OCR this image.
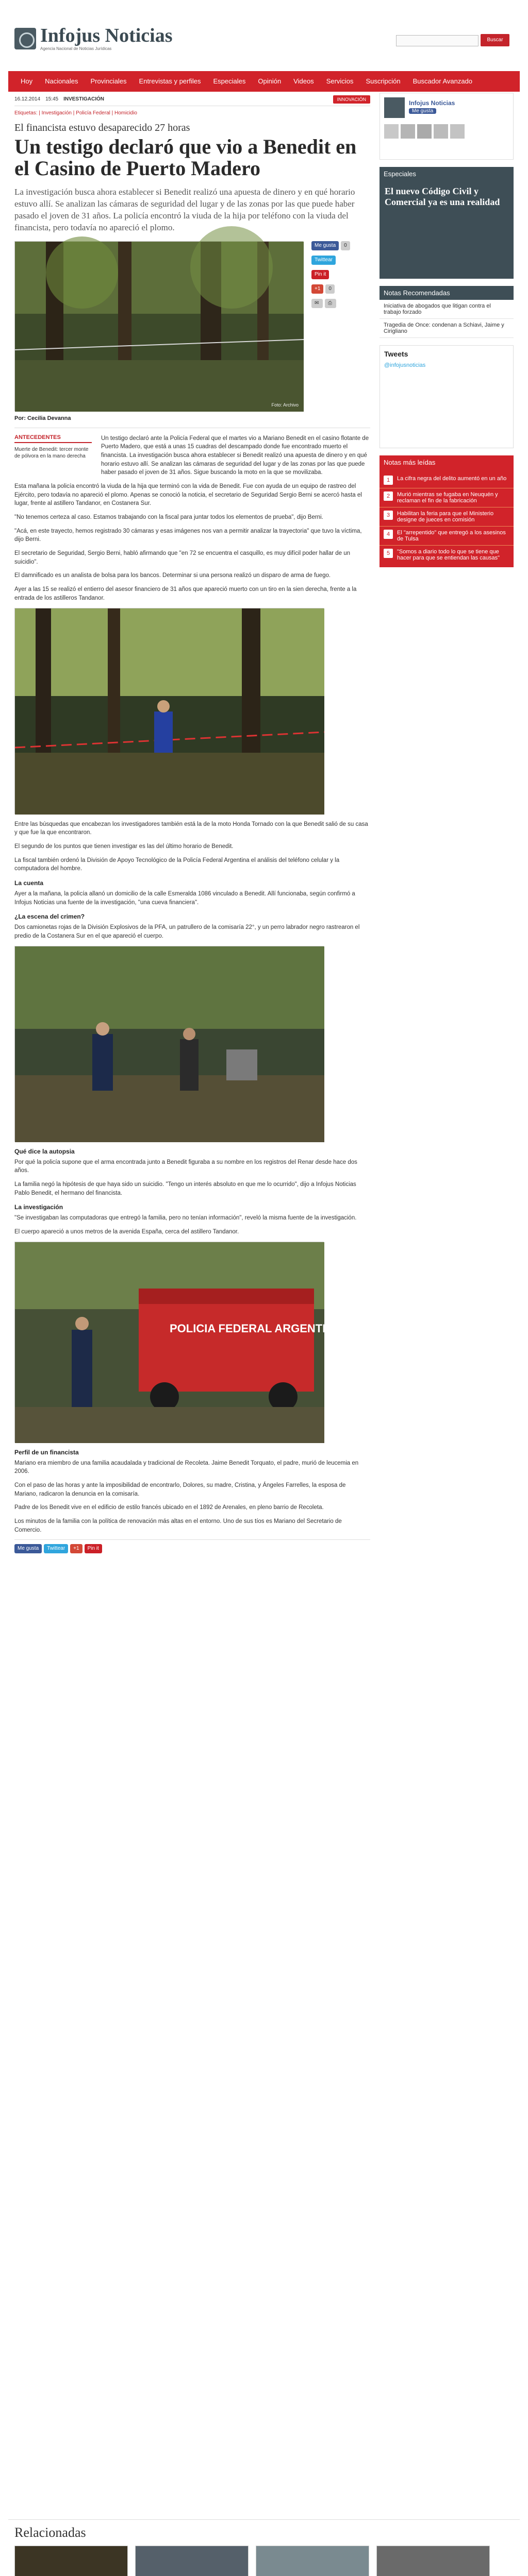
Infojus Noticias
Agencia Nacional de Noticias Jurídicas
Buscar
Hoy	Nacionales	Provinciales	Entrevistas y perfiles	Especiales	Opinión	Videos	Servicios	Suscripción	Buscador Avanzado
16.12.2014 15:45 INVESTIGACIÓN	INNOVACIÓN
Etiquetas: | Investigación | Policía Federal | Homicidio
El financista estuvo desaparecido 27 horas
Un testigo declaró que vio a Benedit en el Casino de Puerto Madero
La investigación busca ahora establecer si Benedit realizó una apuesta de dinero y en qué horario estuvo allí. Se analizan las cámaras de seguridad del lugar y de las zonas por las que puede haber pasado el joven de 31 años. La policía encontró la viuda de la hija por teléfono con la viuda del financista, pero todavía no apareció el plomo.
Foto: Archivo
Me gusta	0
Twittear
Pin it
+1	0
✉	⎙
Por: Cecilia Devanna
ANTECEDENTES
Muerte de Benedit: tercer monte de pólvora en la mano derecha

Un testigo declaró ante la Policía Federal que el martes vio a Mariano Benedit en el casino flotante de Puerto Madero, que está a unas 15 cuadras del descampado donde fue encontrado muerto el financista. La investigación busca ahora establecer si Benedit realizó una apuesta de dinero y en qué horario estuvo allí. Se analizan las cámaras de seguridad del lugar y de las zonas por las que puede haber pasado el joven de 31 años. Sigue buscando la moto en la que se movilizaba.

Esta mañana la policía encontró la viuda de la hija que terminó con la vida de Benedit. Fue con ayuda de un equipo de rastreo del Ejército, pero todavía no apareció el plomo. Apenas se conoció la noticia, el secretario de Seguridad Sergio Berni se acercó hasta el lugar, frente al astillero Tandanor, en Costanera Sur.

"No tenemos certeza al caso. Estamos trabajando con la fiscal para juntar todos los elementos de prueba", dijo Berni.

"Acá, en este trayecto, hemos registrado 30 cámaras y esas imágenes nos van a permitir analizar la trayectoria" que tuvo la víctima, dijo Berni.

El secretario de Seguridad, Sergio Berni, habló afirmando que "en 72 se encuentra el casquillo, es muy difícil poder hallar de un suicidio".

El damnificado es un analista de bolsa para los bancos. Determinar si una persona realizó un disparo de arma de fuego.

Ayer a las 15 se realizó el entierro del asesor financiero de 31 años que apareció muerto con un tiro en la sien derecha, frente a la entrada de los astilleros Tandanor.

Entre las búsquedas que encabezan los investigadores también está la de la moto Honda Tornado con la que Benedit salió de su casa y que fue la que encontraron.

El segundo de los puntos que tienen investigar es las del último horario de Benedit.

La fiscal también ordenó la División de Apoyo Tecnológico de la Policía Federal Argentina el análisis del teléfono celular y la computadora del hombre.

La cuenta

Ayer a la mañana, la policía allanó un domicilio de la calle Esmeralda 1086 vinculado a Benedit. Allí funcionaba, según confirmó a Infojus Noticias una fuente de la investigación, "una cueva financiera".

¿La escena del crimen?

Dos camionetas rojas de la División Explosivos de la PFA, un patrullero de la comisaría 22°, y un perro labrador negro rastrearon el predio de la Costanera Sur en el que apareció el cuerpo.

Qué dice la autopsia

Por qué la policía supone que el arma encontrada junto a Benedit figuraba a su nombre en los registros del Renar desde hace dos años.

La familia negó la hipótesis de que haya sido un suicidio. "Tengo un interés absoluto en que me lo ocurrido", dijo a Infojus Noticias Pablo Benedit, el hermano del financista.

La investigación

"Se investigaban las computadoras que entregó la familia, pero no tenían información", reveló la misma fuente de la investigación.

El cuerpo apareció a unos metros de la avenida España, cerca del astillero Tandanor.

POLICIA FEDERAL ARGENTINA
Perfil de un financista

Mariano era miembro de una familia acaudalada y tradicional de Recoleta. Jaime Benedit Torquato, el padre, murió de leucemia en 2006.

Con el paso de las horas y ante la imposibilidad de encontrarlo, Dolores, su madre, Cristina, y Ángeles Farrelles, la esposa de Mariano, radicaron la denuncia en la comisaría.

Padre de los Benedit vive en el edificio de estilo francés ubicado en el 1892 de Arenales, en pleno barrio de Recoleta.

Los minutos de la familia con la política de renovación más altas en el entorno. Uno de sus tíos es Mariano del Secretario de Comercio.

Me gusta	Twittear	+1	Pin it
Infojus Noticias
Me gusta
Especiales
El nuevo Código Civil y Comercial ya es una realidad
Notas Recomendadas
Iniciativa de abogados que litigan contra el trabajo forzado
Tragedia de Once: condenan a Schiavi, Jaime y Cirigliano
Tweets
@infojusnoticias
Notas más leídas
1	La cifra negra del delito aumentó en un año
2	Murió mientras se fugaba en Neuquén y reclaman el fin de la fabricación
3	Habilitan la feria para que el Ministerio designe de jueces en comisión
4	El "arrepentido" que entregó a los asesinos de Tulsa
5	"Somos a diario todo lo que se tiene que hacer para que se entiendan las causas"
Relacionadas
